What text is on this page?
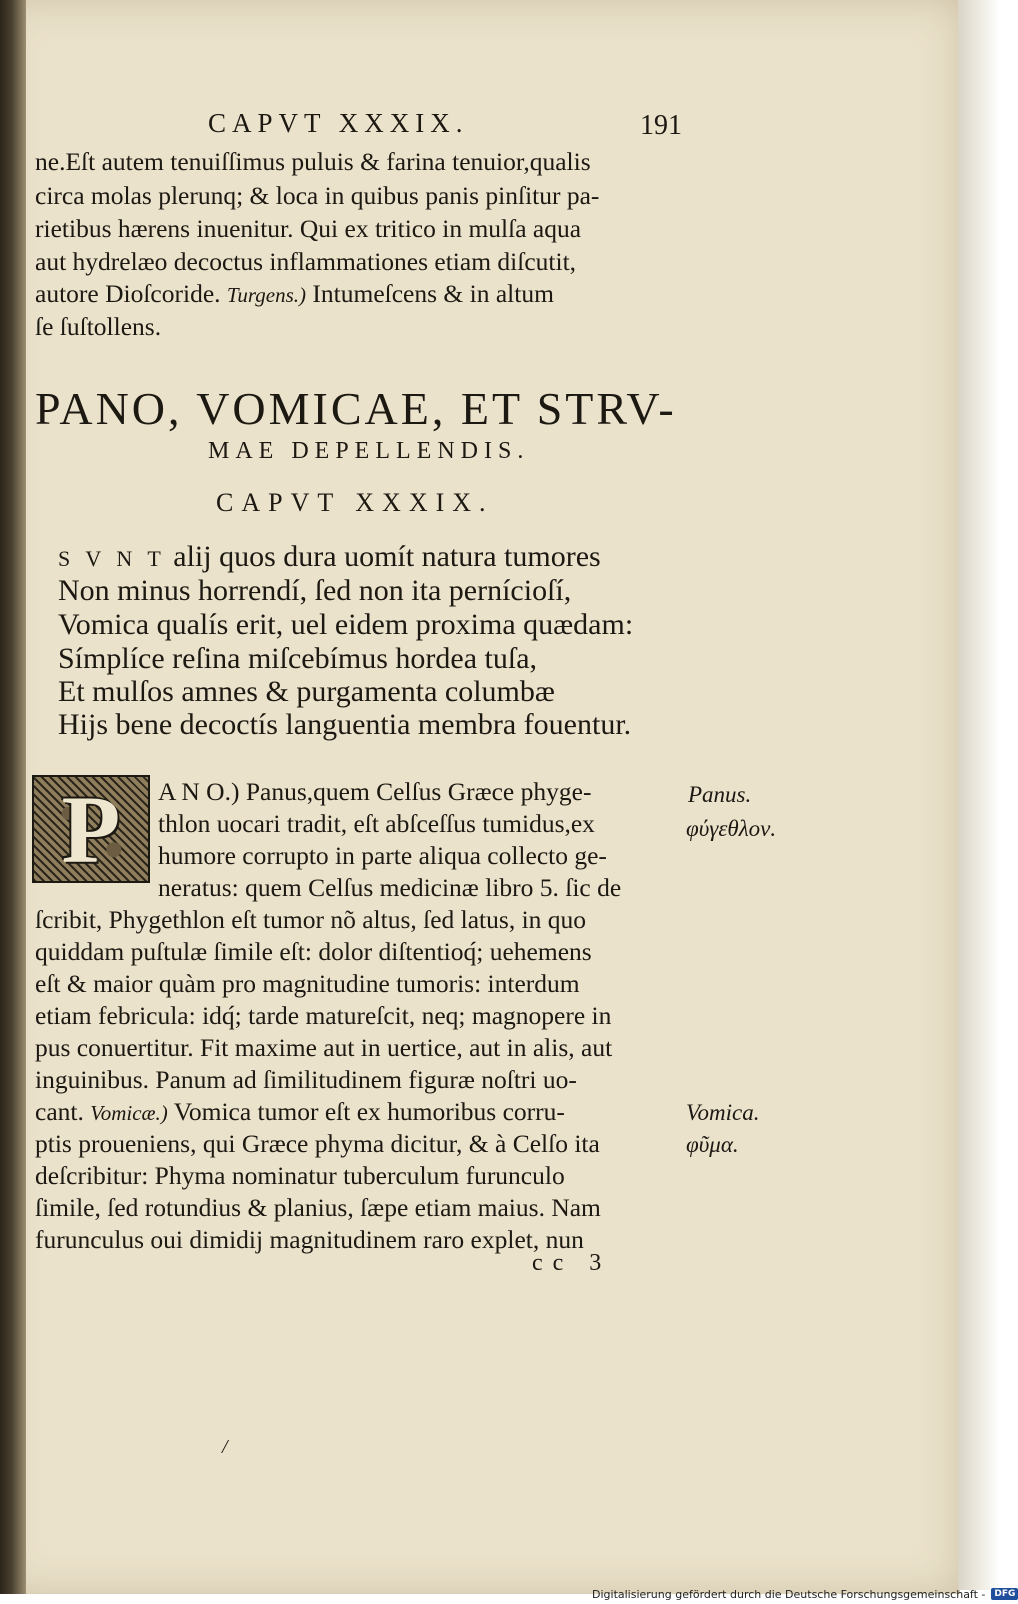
CAPVT XXXIX.	191
ne.Eſt autem tenuiſſimus puluis & farina tenuior,qualis
circa molas plerunq; & loca in quibus panis pinſitur pa-
rietibus hærens inuenitur. Qui ex tritico in mulſa aqua
aut hydrelæo decoctus inflammationes etiam diſcutit,
autore Dioſcoride. Turgens.) Intumeſcens & in altum
ſe ſuſtollens.
PANO, VOMICAE, ET STRV-
MAE DEPELLENDIS.
CAPVT XXXIX.
S V N T alij quos dura uomít natura tumores
Non minus horrendí, ſed non ita pernícioſí,
Vomica qualís erit, uel eidem proxima quædam:
Símplíce reſina miſcebímus hordea tuſa,
Et mulſos amnes & purgamenta columbæ
Hijs bene decoctís languentia membra fouentur.
P	A N O.) Panus,quem Celſus Græce phyge-
thlon uocari tradit, eſt abſceſſus tumidus,ex
humore corrupto in parte aliqua collecto ge-
neratus: quem Celſus medicinæ libro 5. ſic de
ſcribit, Phygethlon eſt tumor nõ altus, ſed latus, in quo
quiddam puſtulæ ſimile eſt: dolor diſtentioq́; uehemens
eſt & maior quàm pro magnitudine tumoris: interdum
etiam febricula: idq́; tarde matureſcit, neq; magnopere in
pus conuertitur. Fit maxime aut in uertice, aut in alis, aut
inguinibus. Panum ad ſimilitudinem figuræ noſtri uo-
cant. Vomicæ.) Vomica tumor eſt ex humoribus corru-
ptis proueniens, qui Græce phyma dicitur, & à Celſo ita
deſcribitur: Phyma nominatur tuberculum furunculo
ſimile, ſed rotundius & planius, ſæpe etiam maius. Nam
furunculus oui dimidij magnitudinem raro explet, nun
Panus.
φύγεθλον.
Vomica.
φῦμα.
cc 3
/
Digitalisierung gefördert durch die Deutsche Forschungsgemeinschaft -	DFG
